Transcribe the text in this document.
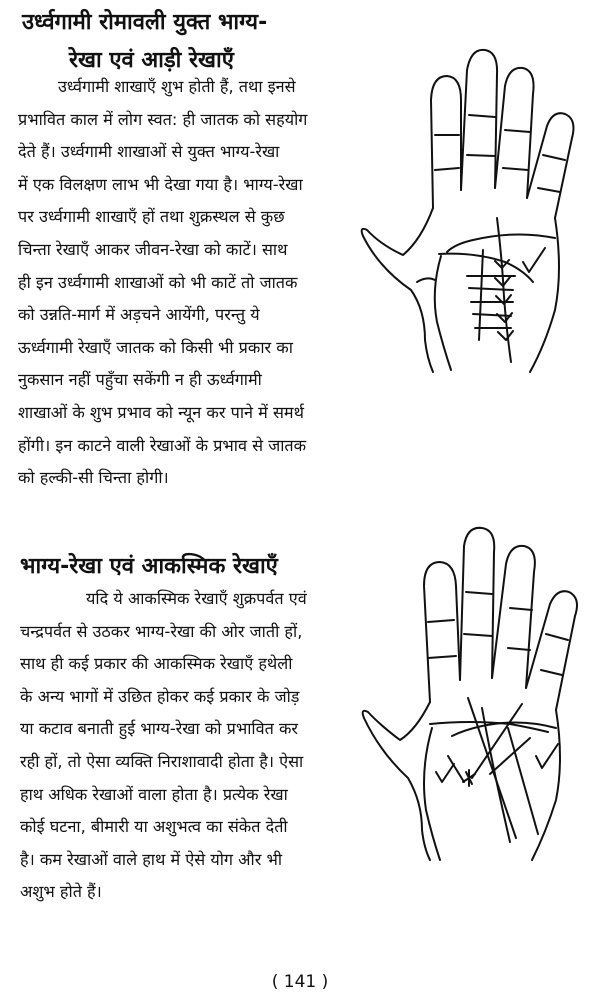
उर्ध्वगामी रोमावली युक्त भाग्य-
रेखा एवं आड़ी रेखाएँ
उर्ध्वगामी शाखाएँ शुभ होती हैं, तथा इनसे
प्रभावित काल में लोग स्वत: ही जातक को सहयोग
देते हैं। उर्ध्वगामी शाखाओं से युक्त भाग्य-रेखा
में एक विलक्षण लाभ भी देखा गया है। भाग्य-रेखा
पर उर्ध्वगामी शाखाएँ हों तथा शुक्रस्थल से कुछ
चिन्ता रेखाएँ आकर जीवन-रेखा को काटें। साथ
ही इन उर्ध्वगामी शाखाओं को भी काटें तो जातक
को उन्नति-मार्ग में अड़चने आयेंगी, परन्तु ये
ऊर्ध्वगामी रेखाएँ जातक को किसी भी प्रकार का
नुकसान नहीं पहुँचा सकेंगी न ही ऊर्ध्वगामी
शाखाओं के शुभ प्रभाव को न्यून कर पाने में समर्थ
होंगी। इन काटने वाली रेखाओं के प्रभाव से जातक
को हल्की-सी चिन्ता होगी।
भाग्य-रेखा एवं आकस्मिक रेखाएँ
यदि ये आकस्मिक रेखाएँ शुक्रपर्वत एवं
चन्द्रपर्वत से उठकर भाग्य-रेखा की ओर जाती हों,
साथ ही कई प्रकार की आकस्मिक रेखाएँ हथेली
के अन्य भागों में उछित होकर कई प्रकार के जोड़
या कटाव बनाती हुई भाग्य-रेखा को प्रभावित कर
रही हों, तो ऐसा व्यक्ति निराशावादी होता है। ऐसा
हाथ अधिक रेखाओं वाला होता है। प्रत्येक रेखा
कोई घटना, बीमारी या अशुभत्व का संकेत देती
है। कम रेखाओं वाले हाथ में ऐसे योग और भी
अशुभ होते हैं।
( 141 )
